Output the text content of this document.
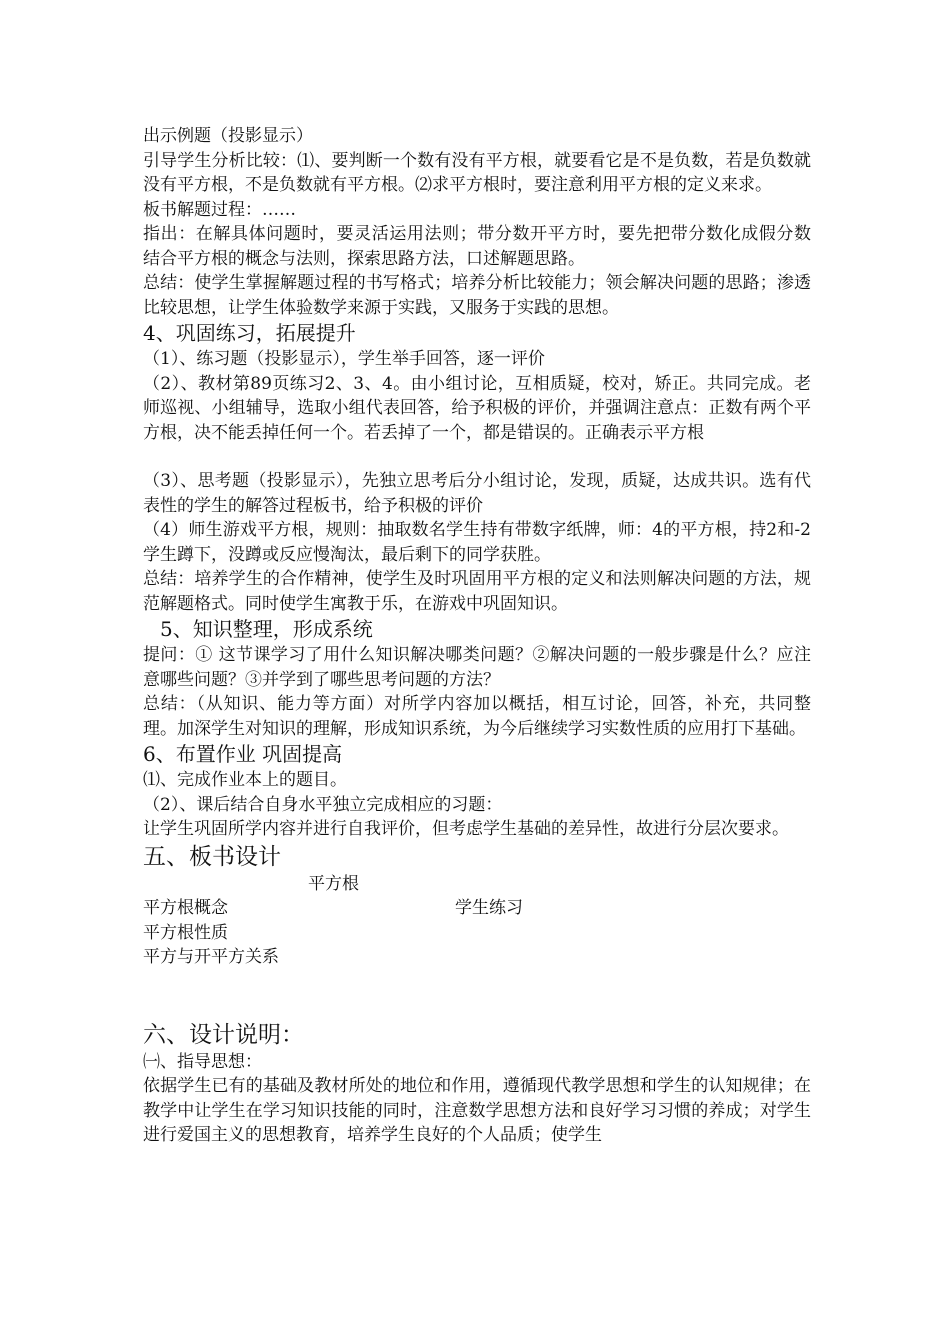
出示例题（投影显示）

引导学生分析比较：⑴、要判断一个数有没有平方根，就要看它是不是负数，若是负数就没有平方根，不是负数就有平方根。⑵求平方根时，要注意利用平方根的定义来求。

板书解题过程：……

指出：在解具体问题时，要灵活运用法则；带分数开平方时，要先把带分数化成假分数 结合平方根的概念与法则，探索思路方法，口述解题思路。

总结：使学生掌握解题过程的书写格式；培养分析比较能力；领会解决问题的思路；渗透比较思想，让学生体验数学来源于实践，又服务于实践的思想。

4、巩固练习，拓展提升

（1）、练习题（投影显示），学生举手回答，逐一评价

（2）、教材第89页练习2、3、4。由小组讨论，互相质疑，校对，矫正。共同完成。老师巡视、小组辅导，选取小组代表回答，给予积极的评价，并强调注意点：正数有两个平方根，决不能丢掉任何一个。若丢掉了一个，都是错误的。正确表示平方根

（3）、思考题（投影显示），先独立思考后分小组讨论，发现，质疑，达成共识。选有代表性的学生的解答过程板书，给予积极的评价

（4）师生游戏平方根，规则：抽取数名学生持有带数字纸牌，师：4的平方根，持2和-2学生蹲下，没蹲或反应慢淘汰，最后剩下的同学获胜。

总结：培养学生的合作精神，使学生及时巩固用平方根的定义和法则解决问题的方法，规范解题格式。同时使学生寓教于乐，在游戏中巩固知识。

5、知识整理，形成系统

提问：① 这节课学习了用什么知识解决哪类问题？②解决问题的一般步骤是什么？应注意哪些问题？③并学到了哪些思考问题的方法？

总结：（从知识、能力等方面）对所学内容加以概括，相互讨论，回答，补充，共同整理。加深学生对知识的理解，形成知识系统，为今后继续学习实数性质的应用打下基础。

6、布置作业 巩固提高

⑴、完成作业本上的题目。

（2）、课后结合自身水平独立完成相应的习题：

让学生巩固所学内容并进行自我评价，但考虑学生基础的差异性，故进行分层次要求。

五、板书设计

平方根
平方根概念	学生练习
平方根性质
平方与开平方关系

六、设计说明：

㈠、指导思想：

依据学生已有的基础及教材所处的地位和作用，遵循现代教学思想和学生的认知规律；在教学中让学生在学习知识技能的同时，注意数学思想方法和良好学习习惯的养成；对学生进行爱国主义的思想教育，培养学生良好的个人品质；使学生
